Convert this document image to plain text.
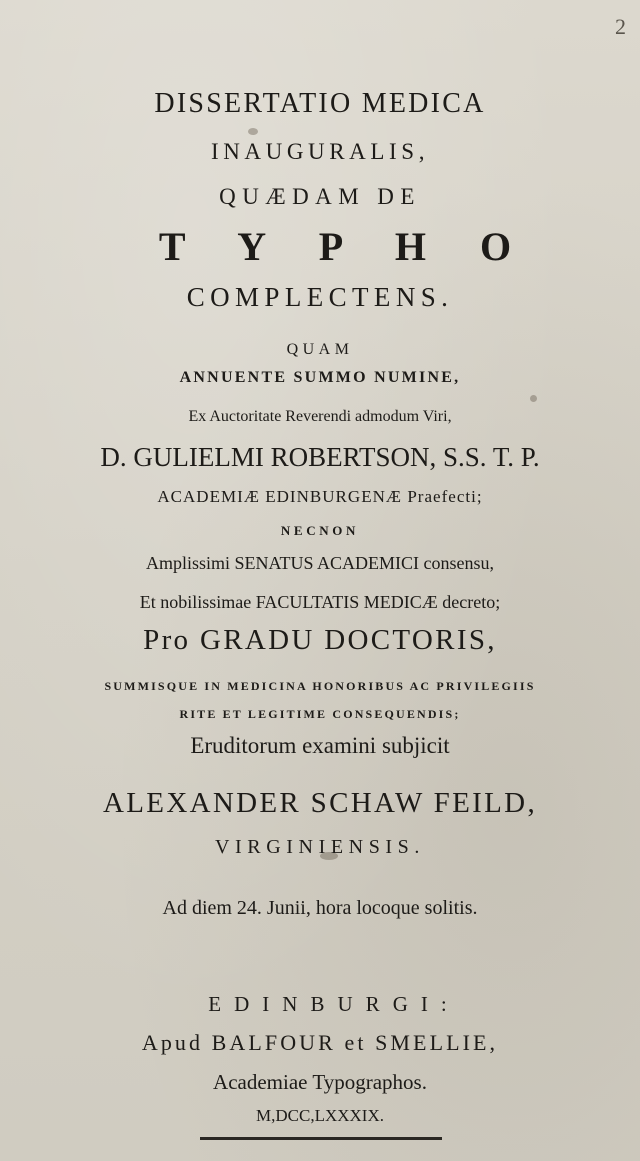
2
DISSERTATIO MEDICA
INAUGURALIS,
QUÆDAM DE
T Y P H O
COMPLECTENS.
QUAM
ANNUENTE SUMMO NUMINE,
Ex Auctoritate Reverendi admodum Viri,
D. GULIELMI ROBERTSON, S.S. T. P.
ACADEMIÆ EDINBURGENÆ Praefecti;
NECNON
Amplissimi SENATUS ACADEMICI consensu,
Et nobilissimae FACULTATIS MEDICÆ decreto;
Pro GRADU DOCTORIS,
SUMMISQUE IN MEDICINA HONORIBUS AC PRIVILEGIIS
RITE ET LEGITIME CONSEQUENDIS;
Eruditorum examini subjicit
ALEXANDER SCHAW FEILD,
VIRGINIENSIS.
Ad diem 24. Junii, hora locoque solitis.
EDINBURGI:
Apud BALFOUR et SMELLIE,
Academiae Typographos.
M,DCC,LXXXIX.
